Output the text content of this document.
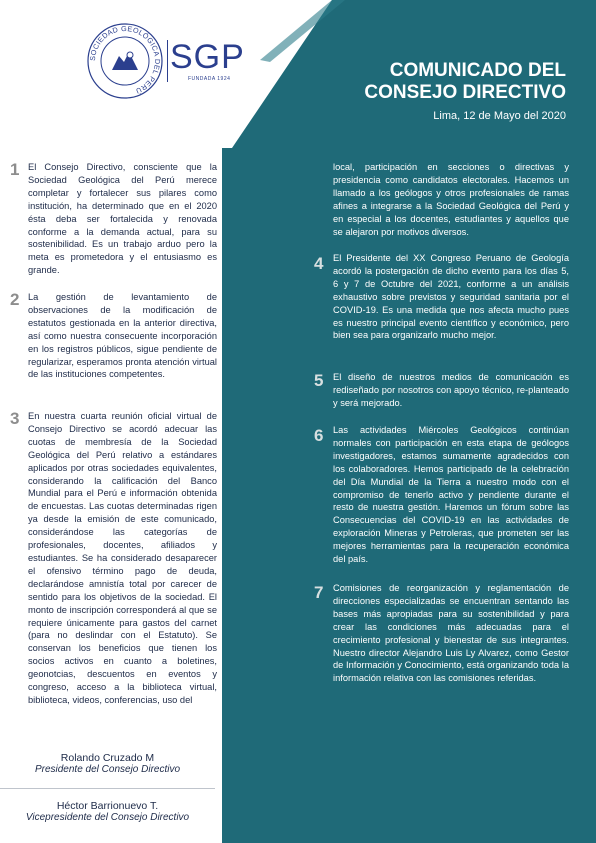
SOCIEDAD GEOLÓGICA DEL PERÚ
SGP
FUNDADA 1924	COMUNICADO DEL
CONSEJO DIRECTIVO
Lima, 12 de Mayo del 2020
1 El Consejo Directivo, consciente que la Sociedad Geológica del Perú merece completar y fortalecer sus pilares como institución, ha determinado que en el 2020 ésta deba ser fortalecida y renovada conforme a la demanda actual, para su sostenibilidad. Es un trabajo arduo pero la meta es prometedora y el entusiasmo es grande.
2 La gestión de levantamiento de observaciones de la modificación de estatutos gestionada en la anterior directiva, así como nuestra consecuente incorporación en los registros públicos, sigue pendiente de regularizar, esperamos pronta atención virtual de las instituciones competentes.
3 En nuestra cuarta reunión oficial virtual de Consejo Directivo se acordó adecuar las cuotas de membresía de la Sociedad Geológica del Perú relativo a estándares aplicados por otras sociedades equivalentes, considerando la calificación del Banco Mundial para el Perú e información obtenida de encuestas. Las cuotas determinadas rigen ya desde la emisión de este comunicado, considerándose las categorías de profesionales, docentes, afiliados y estudiantes. Se ha considerado desaparecer el ofensivo término pago de deuda, declarándose amnistía total por carecer de sentido para los objetivos de la sociedad. El monto de inscripción corresponderá al que se requiere únicamente para gastos del carnet (para no deslindar con el Estatuto). Se conservan los beneficios que tienen los socios activos en cuanto a boletines, geonotcias, descuentos en eventos y congreso, acceso a la biblioteca virtual, biblioteca, videos, conferencias, uso del
Rolando Cruzado M
Presidente del Consejo Directivo
Héctor Barrionuevo T.
Vicepresidente del Consejo Directivo
local, participación en secciones o directivas y presidencia como candidatos electorales. Hacemos un llamado a los geólogos y otros profesionales de ramas afines a integrarse a la Sociedad Geológica del Perú y en especial a los docentes, estudiantes y aquellos que se alejaron por motivos diversos.
4 El Presidente del XX Congreso Peruano de Geología acordó la postergación de dicho evento para los días 5, 6 y 7 de Octubre del 2021, conforme a un análisis exhaustivo sobre previstos y seguridad sanitaria por el COVID-19. Es una medida que nos afecta mucho pues es nuestro principal evento científico y económico, pero bien sea para organizarlo mucho mejor.
5 El diseño de nuestros medios de comunicación es rediseñado por nosotros con apoyo técnico, re-planteado y será mejorado.
6 Las actividades Miércoles Geológicos continúan normales con participación en esta etapa de geólogos investigadores, estamos sumamente agradecidos con los colaboradores. Hemos participado de la celebración del Día Mundial de la Tierra a nuestro modo con el compromiso de tenerlo activo y pendiente durante el resto de nuestra gestión. Haremos un fórum sobre las Consecuencias del COVID-19 en las actividades de exploración Mineras y Petroleras, que prometen ser las mejores herramientas para la recuperación económica del país.
7 Comisiones de reorganización y reglamentación de direcciones especializadas se encuentran sentando las bases más apropiadas para su sostenibilidad y para crear las condiciones más adecuadas para el crecimiento profesional y bienestar de sus integrantes. Nuestro director Alejandro Luis Ly Alvarez, como Gestor de Información y Conocimiento, está organizando toda la información relativa con las comisiones referidas.
